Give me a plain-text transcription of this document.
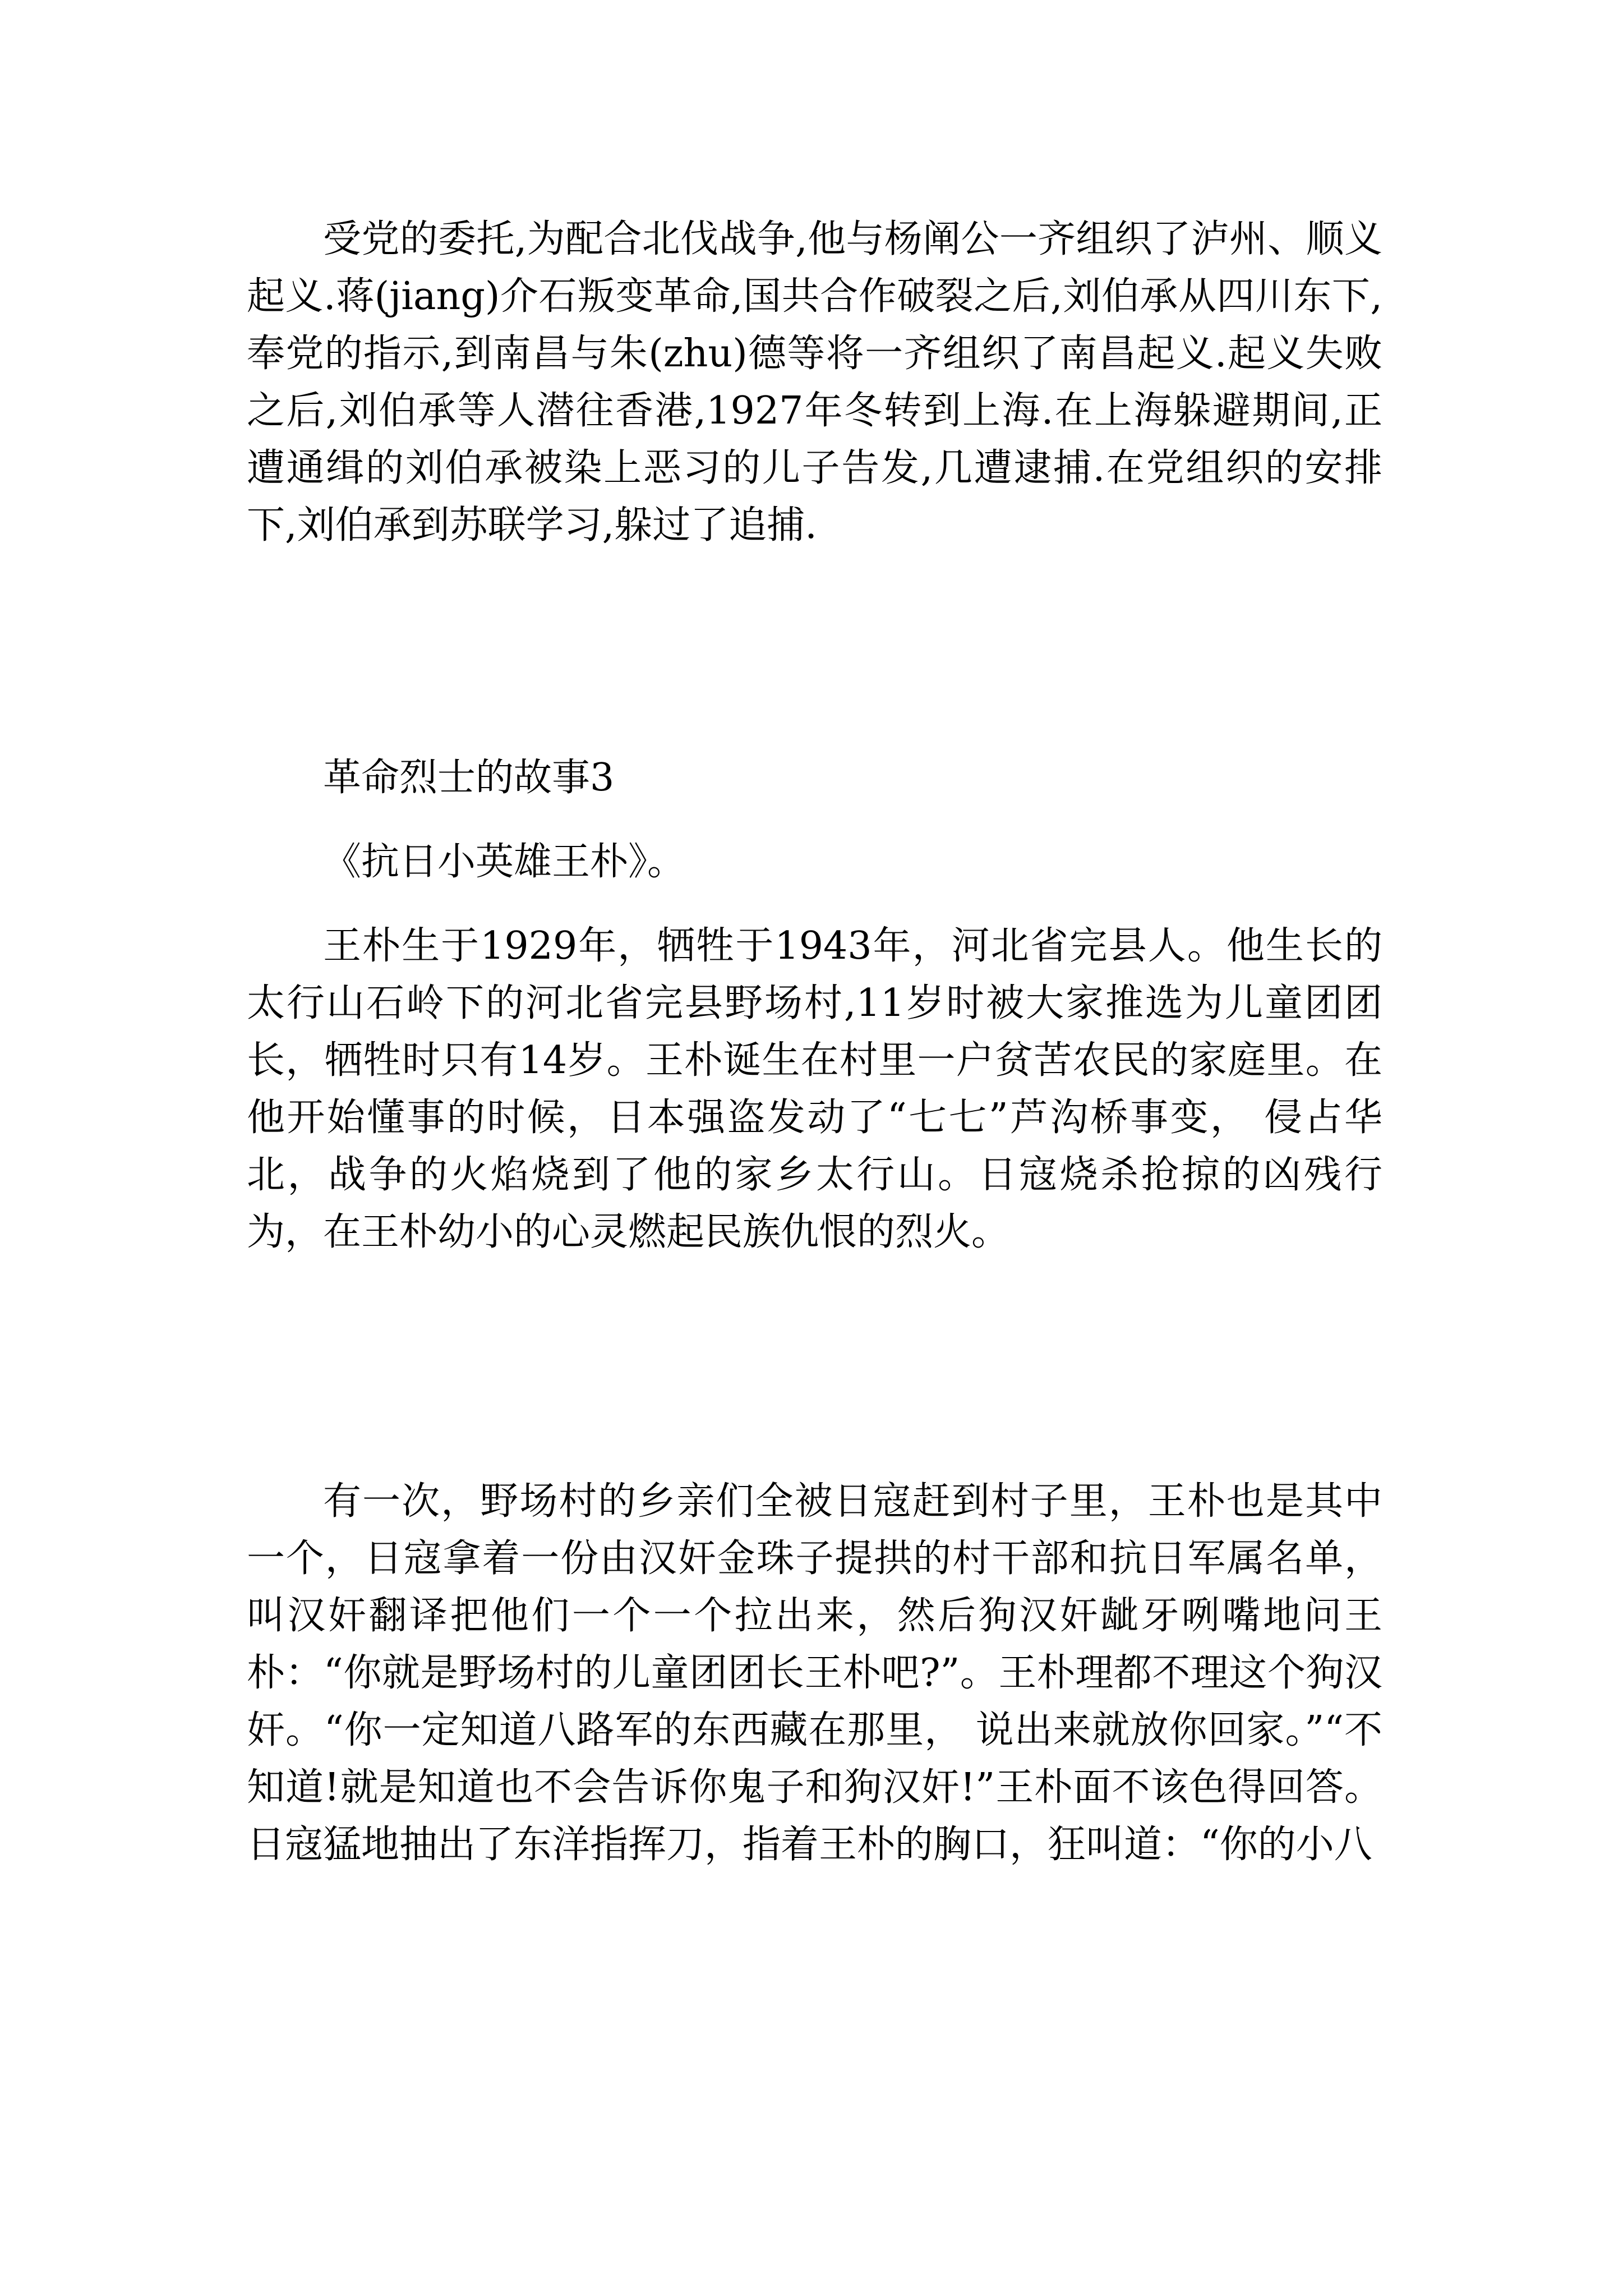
受党的委托,为配合北伐战争,他与杨阐公一齐组织了泸州、顺义起义.蒋(jiang)介石叛变革命,国共合作破裂之后,刘伯承从四川东下,奉党的指示,到南昌与朱(zhu)德等将一齐组织了南昌起义.起义失败之后,刘伯承等人潜往香港,1927年冬转到上海.在上海躲避期间,正遭通缉的刘伯承被染上恶习的儿子告发,几遭逮捕.在党组织的安排下,刘伯承到苏联学习,躲过了追捕.

革命烈士的故事3

《抗日小英雄王朴》。

王朴生于1929年，牺牲于1943年，河北省完县人。他生长的太行山石岭下的河北省完县野场村,11岁时被大家推选为儿童团团长，牺牲时只有14岁。王朴诞生在村里一户贫苦农民的家庭里。在他开始懂事的时候，日本强盗发动了“七七”芦沟桥事变， 侵占华北，战争的火焰烧到了他的家乡太行山。日寇烧杀抢掠的凶残行为，在王朴幼小的心灵燃起民族仇恨的烈火。

有一次，野场村的乡亲们全被日寇赶到村子里，王朴也是其中一个，日寇拿着一份由汉奸金珠子提拱的村干部和抗日军属名单，叫汉奸翻译把他们一个一个拉出来，然后狗汉奸龇牙咧嘴地问王朴：“你就是野场村的儿童团团长王朴吧?”。王朴理都不理这个狗汉奸。“你一定知道八路军的东西藏在那里， 说出来就放你回家。”“不知道!就是知道也不会告诉你鬼子和狗汉奸!”王朴面不该色得回答。日寇猛地抽出了东洋指挥刀，指着王朴的胸口，狂叫道：“你的小八
